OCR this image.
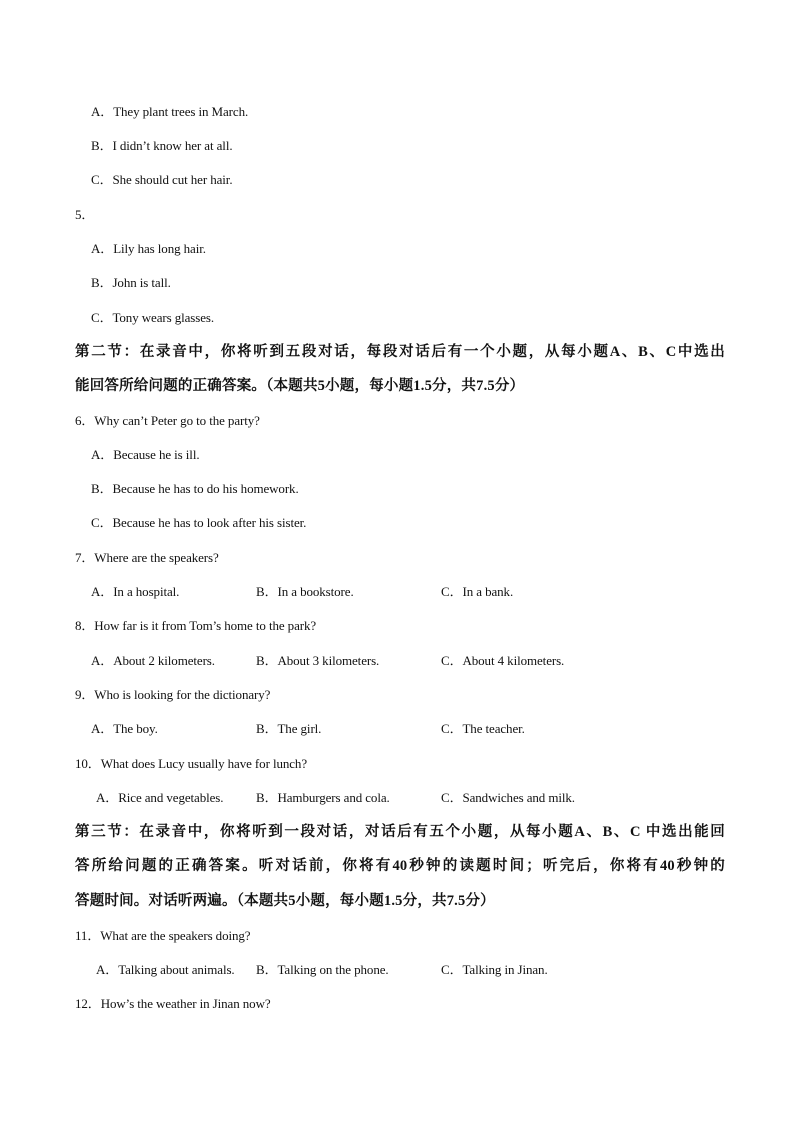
A．They plant trees in March.
B．I didn’t know her at all.
C．She should cut her hair.
5．
A．Lily has long hair.
B．John is tall.
C．Tony wears glasses.
第二节：在录音中，你将听到五段对话，每段对话后有一个小题，从每小题A、B、C中选出
能回答所给问题的正确答案。（本题共5小题，每小题1.5分，共7.5分）
6．Why can’t Peter go to the party?
A．Because he is ill.
B．Because he has to do his homework.
C．Because he has to look after his sister.
7．Where are the speakers?
A．In a hospital.	B．In a bookstore.	C．In a bank.
8．How far is it from Tom’s home to the park?
A．About 2 kilometers.	B．About 3 kilometers.	C．About 4 kilometers.
9．Who is looking for the dictionary?
A．The boy.	B．The girl.	C．The teacher.
10．What does Lucy usually have for lunch?
A．Rice and vegetables.	B．Hamburgers and cola.	C．Sandwiches and milk.
第三节：在录音中，你将听到一段对话，对话后有五个小题，从每小题A、B、C 中选出能回
答所给问题的正确答案。听对话前，你将有40秒钟的读题时间；听完后，你将有40秒钟的
答题时间。对话听两遍。（本题共5小题，每小题1.5分，共7.5分）
11．What are the speakers doing?
A．Talking about animals. B．Talking on the phone.	C．Talking in Jinan.
12．How’s the weather in Jinan now?
